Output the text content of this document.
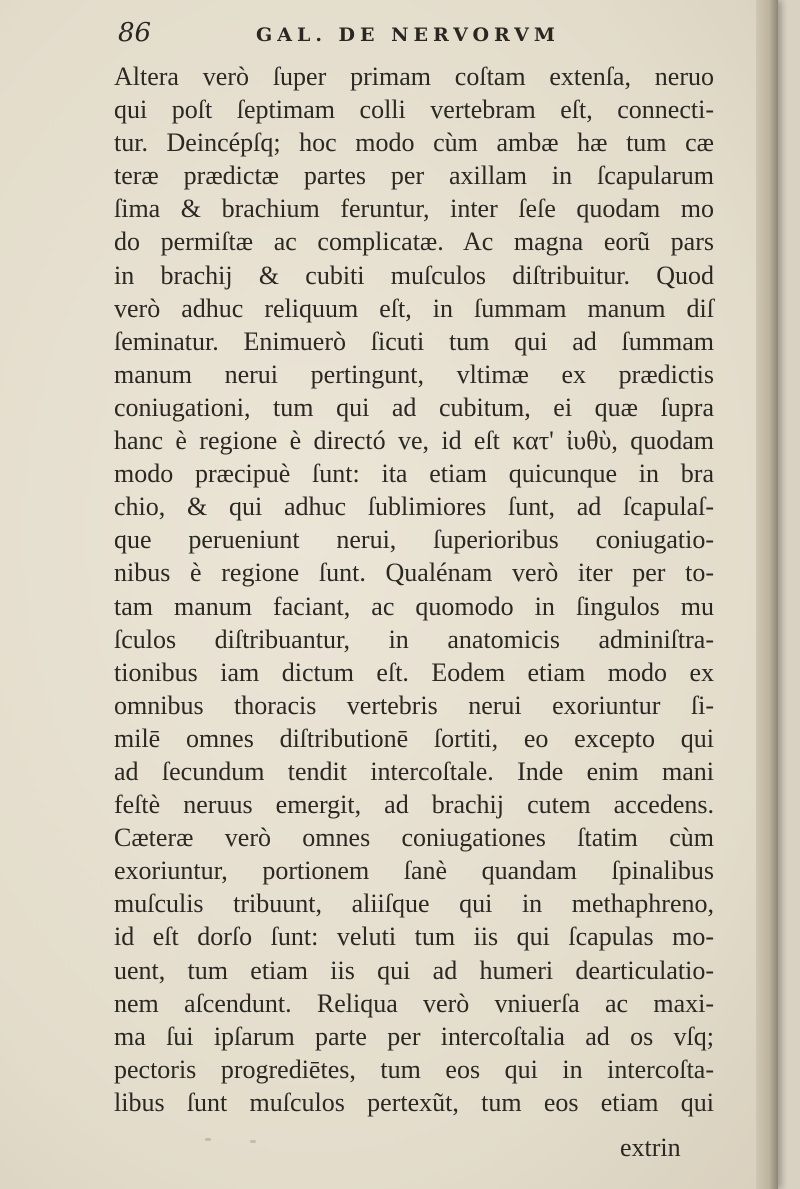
86	GAL. DE NERVORVM
Altera verò ſuper primam coſtam extenſa, neruo
qui poſt ſeptimam colli vertebram eſt, connecti-
tur. Deincépſq; hoc modo cùm ambæ hæ tum cæ
teræ prædictæ partes per axillam in ſcapularum
ſima & brachium feruntur, inter ſeſe quodam mo
do permiſtæ ac complicatæ. Ac magna eorũ pars
in brachij & cubiti muſculos diſtribuitur. Quod
verò adhuc reliquum eſt, in ſummam manum diſ
ſeminatur. Enimuerò ſicuti tum qui ad ſummam
manum nerui pertingunt, vltimæ ex prædictis
coniugationi, tum qui ad cubitum, ei quæ ſupra
hanc è regione è directó ve, id eſt κατ' ἰυθὺ, quodam
modo præcipuè ſunt: ita etiam quicunque in bra
chio, & qui adhuc ſublimiores ſunt, ad ſcapulaſ-
que perueniunt nerui, ſuperioribus coniugatio-
nibus è regione ſunt. Qualénam verò iter per to-
tam manum faciant, ac quomodo in ſingulos mu
ſculos diſtribuantur, in anatomicis adminiſtra-
tionibus iam dictum eſt. Eodem etiam modo ex
omnibus thoracis vertebris nerui exoriuntur ſi-
milē omnes diſtributionē ſortiti, eo excepto qui
ad ſecundum tendit intercoſtale. Inde enim mani
feſtè neruus emergit, ad brachij cutem accedens.
Cæteræ verò omnes coniugationes ſtatim cùm
exoriuntur, portionem ſanè quandam ſpinalibus
muſculis tribuunt, aliiſque qui in methaphreno,
id eſt dorſo ſunt: veluti tum iis qui ſcapulas mo-
uent, tum etiam iis qui ad humeri dearticulatio-
nem aſcendunt. Reliqua verò vniuerſa ac maxi-
ma ſui ipſarum parte per intercoſtalia ad os vſq;
pectoris progrediētes, tum eos qui in intercoſta-
libus ſunt muſculos pertexũt, tum eos etiam qui
extrin
